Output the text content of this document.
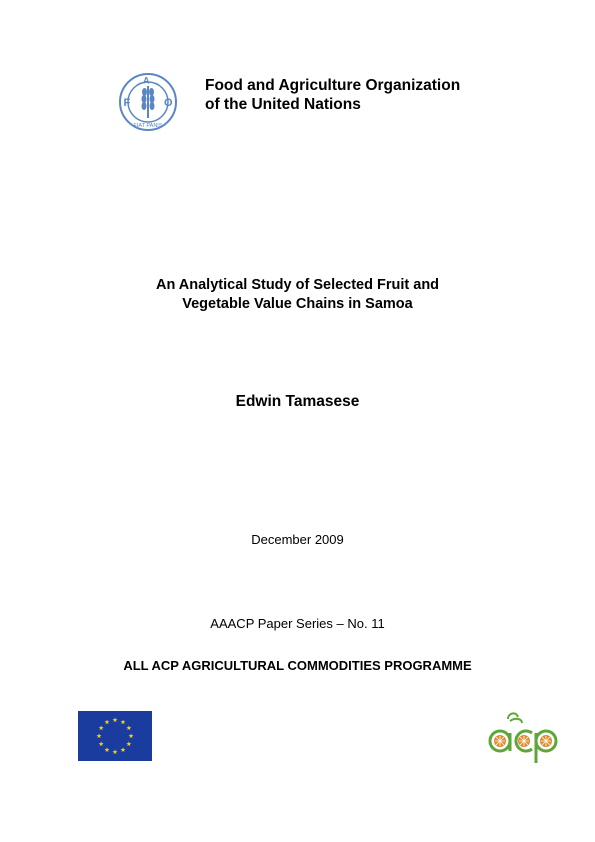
F
A
O
FIAT PANIS
Food and Agriculture Organization
of the United Nations
An Analytical Study of Selected Fruit and
Vegetable Value Chains in Samoa
Edwin Tamasese
December 2009
AAACP Paper Series – No. 11
ALL ACP AGRICULTURAL COMMODITIES PROGRAMME
